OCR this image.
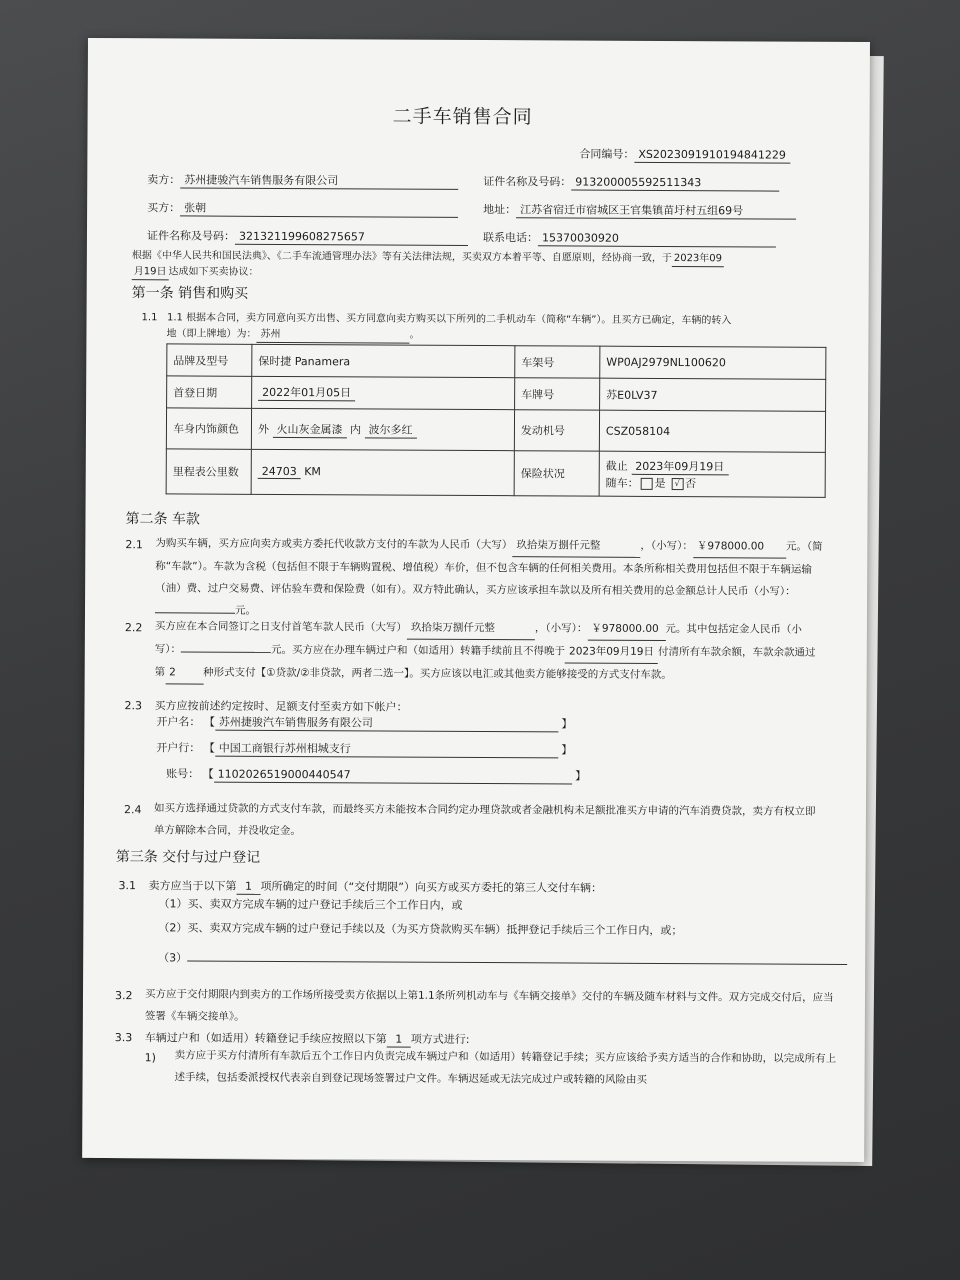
二手车销售合同
合同编号： XS2023091910194841229
卖方： 苏州捷骏汽车销售服务有限公司	证件名称及号码： 913200005592511343
买方： 张朝	地址： 江苏省宿迁市宿城区王官集镇苗圩村五组69号
证件名称及号码： 321321199608275657	联系电话： 15370030920
根据《中华人民共和国民法典》、《二手车流通管理办法》等有关法律法规，买卖双方本着平等、自愿原则，经协商一致，于 2023年09
月19日 达成如下买卖协议：
第一条 销售和购买
1.1 1.1 根据本合同，卖方同意向买方出售、买方同意向卖方购买以下所列的二手机动车（简称“车辆”）。且买方已确定，车辆的转入
地（即上牌地）为： 苏州	。
品牌及型号	保时捷 Panamera	车架号	WP0AJ2979NL100620
首登日期	2022年01月05日	车牌号	苏E0LV37
车身内饰颜色	外 火山灰金属漆 内 波尔多红	发动机号	CSZ058104
里程表公里数	24703 KM	保险状况	截止 2023年09月19日
随车： 是 √ 否
第二条 车款
2.1 为购买车辆，买方应向卖方或卖方委托代收款方支付的车款为人民币（大写） 玖拾柒万捌仟元整	，（小写）： ￥978000.00 元。（简称“车款”）。车款为含税（包括但不限于车辆购置税、增值税）车价，但不包含车辆的任何相关费用。本条所称相关费用包括但不限于车辆运输（油）费、过户交易费、评估验车费和保险费（如有）。双方特此确认，买方应该承担车款以及所有相关费用的总金额总计人民币（小写）：元。
2.2 买方应在本合同签订之日支付首笔车款人民币（大写） 玖拾柒万捌仟元整	，（小写）： ￥978000.00 元。其中包括定金人民币（小写）：	元。买方应在办理车辆过户和（如适用）转籍手续前且不得晚于 2023年09月19日 付清所有车款余额，车款余款通过第 2	种形式支付【①贷款/②非贷款，两者二选一】。买方应该以电汇或其他卖方能够接受的方式支付车款。
2.3 买方应按前述约定按时、足额支付至卖方如下帐户：
开户名： 【 苏州捷骏汽车销售服务有限公司	】
开户行： 【 中国工商银行苏州相城支行	】
账号： 【 1102026519000440547	】
2.4 如买方选择通过贷款的方式支付车款，而最终买方未能按本合同约定办理贷款或者金融机构未足额批准买方申请的汽车消费贷款，卖方有权立即单方解除本合同，并没收定金。
第三条 交付与过户登记
3.1 卖方应当于以下第 1 项所确定的时间（“交付期限”）向买方或买方委托的第三人交付车辆：
（1）买、卖双方完成车辆的过户登记手续后三个工作日内，或
（2）买、卖双方完成车辆的过户登记手续以及（为买方贷款购买车辆）抵押登记手续后三个工作日内，或；
（3）
3.2 买方应于交付期限内到卖方的工作场所接受卖方依据以上第1.1条所列机动车与《车辆交接单》交付的车辆及随车材料与文件。双方完成交付后，应当签署《车辆交接单》。
3.3 车辆过户和（如适用）转籍登记手续应按照以下第 1 项方式进行:
1) 卖方应于买方付清所有车款后五个工作日内负责完成车辆过户和（如适用）转籍登记手续；买方应该给予卖方适当的合作和协助，以完成所有上述手续，包括委派授权代表亲自到登记现场签署过户文件。车辆迟延或无法完成过户或转籍的风险由买
